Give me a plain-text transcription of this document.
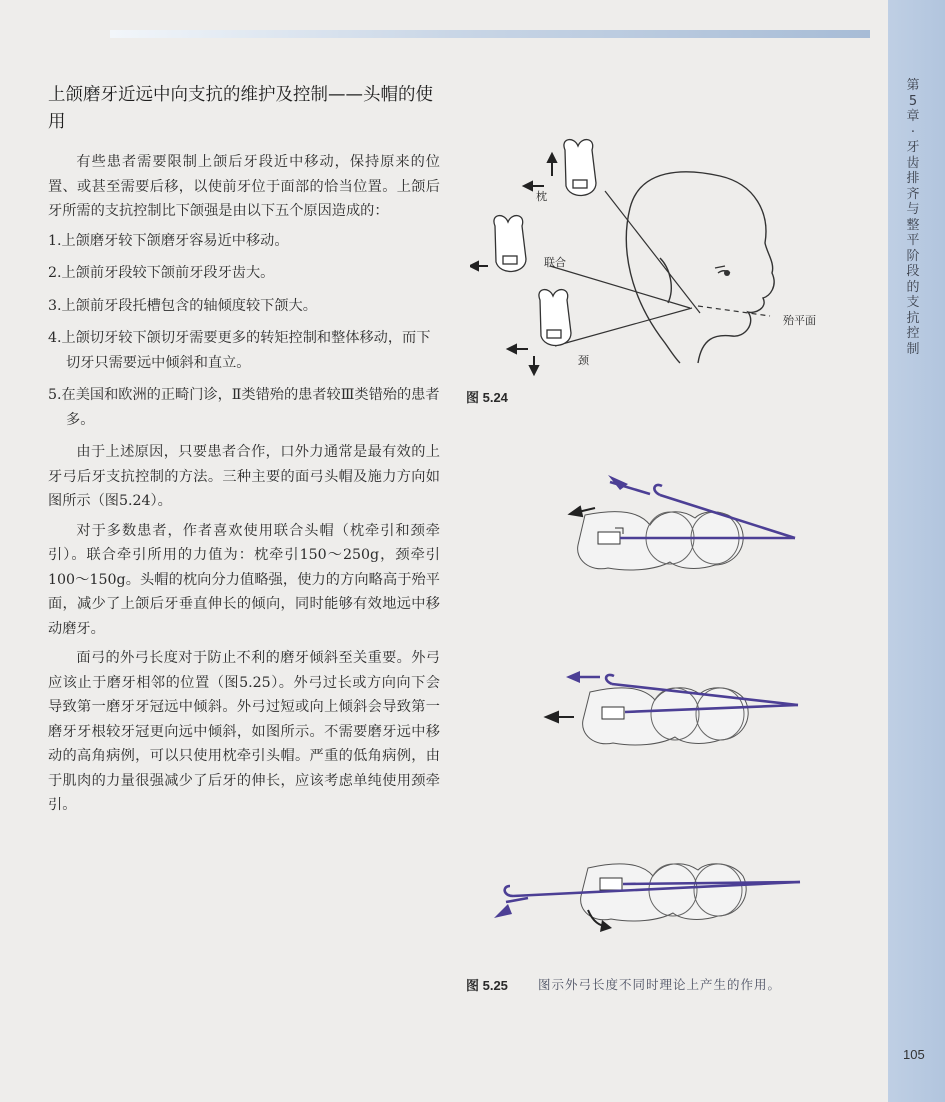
第
5
章
·
牙
齿
排
齐
与
整
平
阶
段
的
支
抗
控
制
上颌磨牙近远中向支抗的维护及控制——头帽的使用

有些患者需要限制上颌后牙段近中移动，保持原来的位置、或甚至需要后移，以使前牙位于面部的恰当位置。上颌后牙所需的支抗控制比下颌强是由以下五个原因造成的：

1.上颌磨牙较下颌磨牙容易近中移动。
2.上颌前牙段较下颌前牙段牙齿大。
3.上颌前牙段托槽包含的轴倾度较下颌大。
4.上颌切牙较下颌切牙需要更多的转矩控制和整体移动，而下切牙只需要远中倾斜和直立。
5.在美国和欧洲的正畸门诊，Ⅱ类错殆的患者较Ⅲ类错殆的患者多。

由于上述原因，只要患者合作，口外力通常是最有效的上牙弓后牙支抗控制的方法。三种主要的面弓头帽及施力方向如图所示（图5.24）。

对于多数患者，作者喜欢使用联合头帽（枕牵引和颈牵引）。联合牵引所用的力值为：枕牵引150～250g，颈牵引100～150g。头帽的枕向分力值略强，使力的方向略高于殆平面，减少了上颌后牙垂直伸长的倾向，同时能够有效地远中移动磨牙。

面弓的外弓长度对于防止不利的磨牙倾斜至关重要。外弓应该止于磨牙相邻的位置（图5.25）。外弓过长或方向向下会导致第一磨牙牙冠远中倾斜。外弓过短或向上倾斜会导致第一磨牙牙根较牙冠更向远中倾斜，如图所示。不需要磨牙远中移动的高角病例，可以只使用枕牵引头帽。严重的低角病例，由于肌肉的力量很强减少了后牙的伸长，应该考虑单纯使用颈牵引。

枕
联合
颈
殆平面
图 5.24
图 5.25 图示外弓长度不同时理论上产生的作用。
105
